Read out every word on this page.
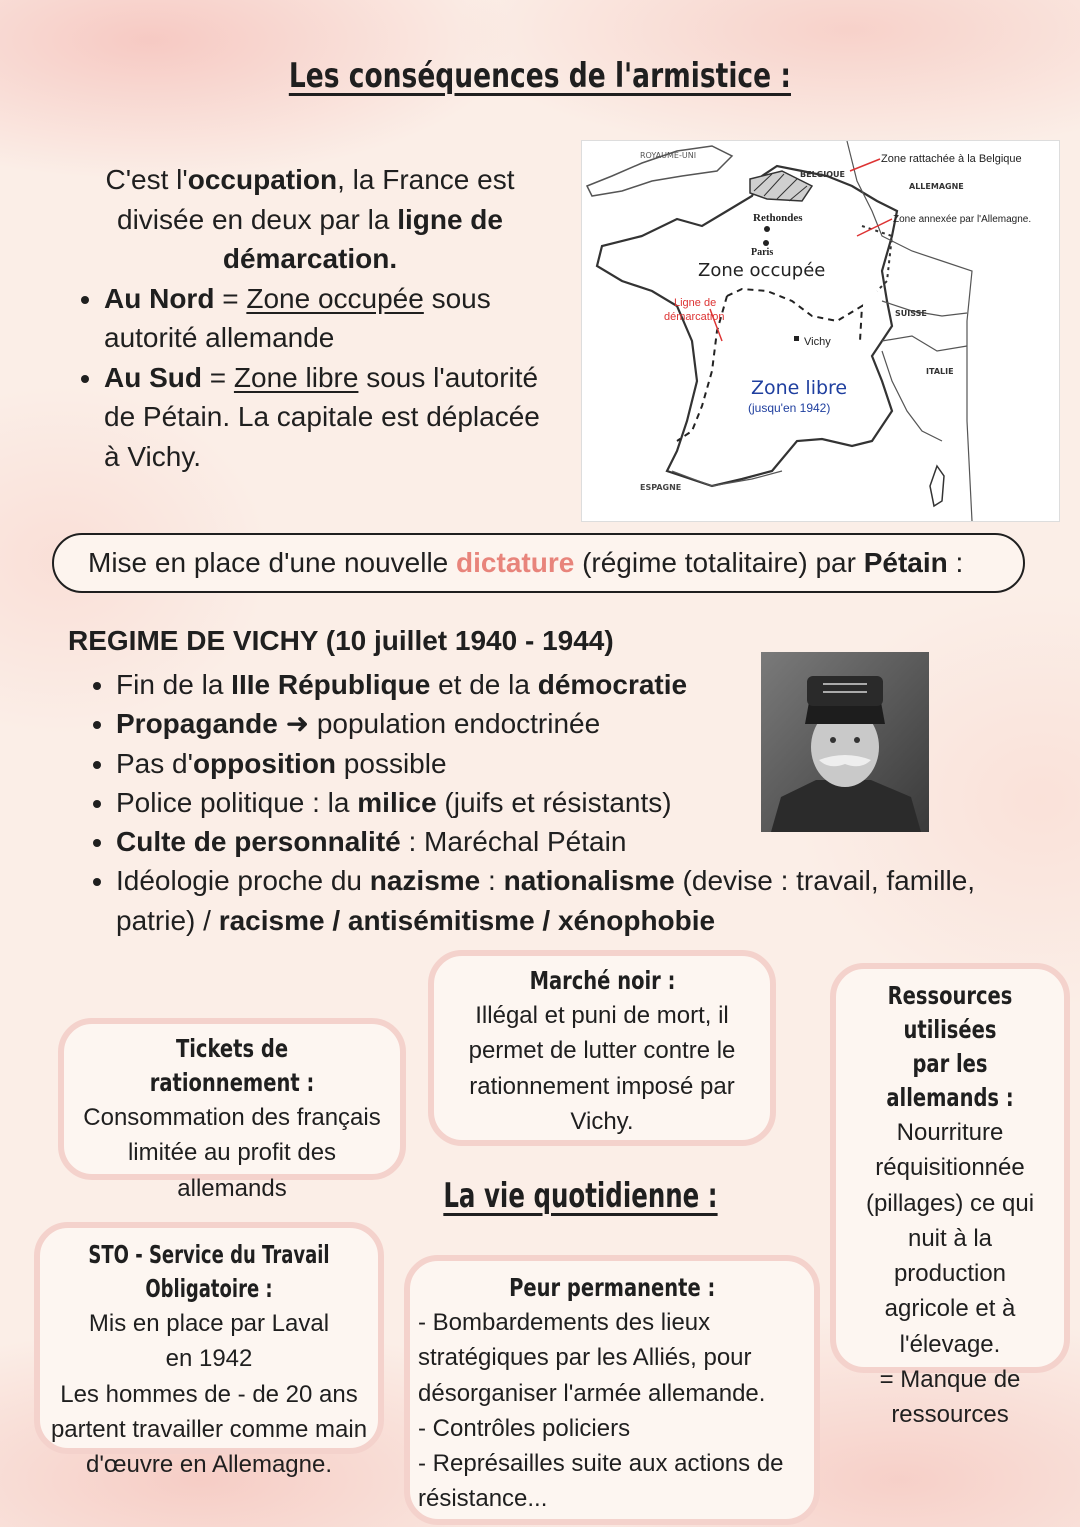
Les conséquences de l'armistice :
C'est l'occupation, la France est divisée en deux par la ligne de démarcation.
• Au Nord = Zone occupée sous autorité allemande
• Au Sud = Zone libre sous l'autorité de Pétain. La capitale est déplacée à Vichy.
ROYAUME-UNI
BELGIQUE
ALLEMAGNE
Zone rattachée à la Belgique
Zone annexée par l'Allemagne.
Rethondes
Paris
Zone occupée
Ligne de
démarcation
Vichy
SUISSE
ITALIE
Zone libre
(jusqu'en 1942)
ESPAGNE
Mise en place d'une nouvelle dictature (régime totalitaire) par Pétain :
REGIME DE VICHY (10 juillet 1940 - 1944)
• Fin de la IIIe République et de la démocratie
• Propagande ➜ population endoctrinée
• Pas d'opposition possible
• Police politique : la milice (juifs et résistants)
• Culte de personnalité : Maréchal Pétain
• Idéologie proche du nazisme : nationalisme (devise : travail, famille, patrie) / racisme / antisémitisme / xénophobie
Tickets de rationnement :
Consommation des français limitée au profit des allemands
Marché noir :
Illégal et puni de mort, il permet de lutter contre le rationnement imposé par Vichy.
Ressources utilisées
par les allemands :
Nourriture réquisitionnée (pillages) ce qui nuit à la production agricole et à l'élevage.
= Manque de ressources
La vie quotidienne :
STO - Service du Travail Obligatoire :
Mis en place par Laval en 1942
Les hommes de - de 20 ans partent travailler comme main d'œuvre en Allemagne.
Peur permanente :
- Bombardements des lieux stratégiques par les Alliés, pour désorganiser l'armée allemande.
- Contrôles policiers
- Représailles suite aux actions de résistance...
